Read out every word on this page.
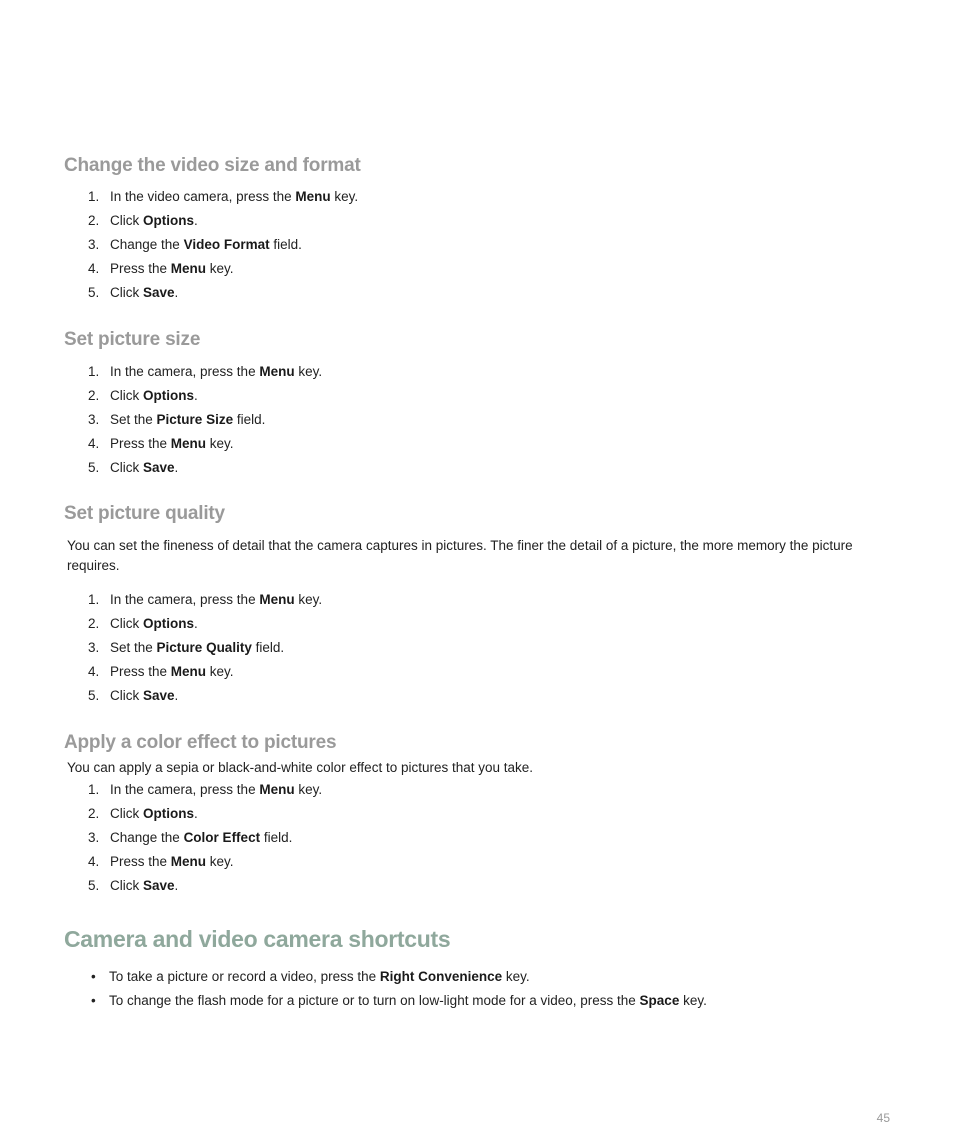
Change the video size and format
1. In the video camera, press the Menu key.
2. Click Options.
3. Change the Video Format field.
4. Press the Menu key.
5. Click Save.
Set picture size
1. In the camera, press the Menu key.
2. Click Options.
3. Set the Picture Size field.
4. Press the Menu key.
5. Click Save.
Set picture quality

You can set the fineness of detail that the camera captures in pictures. The finer the detail of a picture, the more memory the picture requires.

1. In the camera, press the Menu key.
2. Click Options.
3. Set the Picture Quality field.
4. Press the Menu key.
5. Click Save.
Apply a color effect to pictures

You can apply a sepia or black-and-white color effect to pictures that you take.

1. In the camera, press the Menu key.
2. Click Options.
3. Change the Color Effect field.
4. Press the Menu key.
5. Click Save.
Camera and video camera shortcuts
• To take a picture or record a video, press the Right Convenience key.
• To change the flash mode for a picture or to turn on low-light mode for a video, press the Space key.
45
